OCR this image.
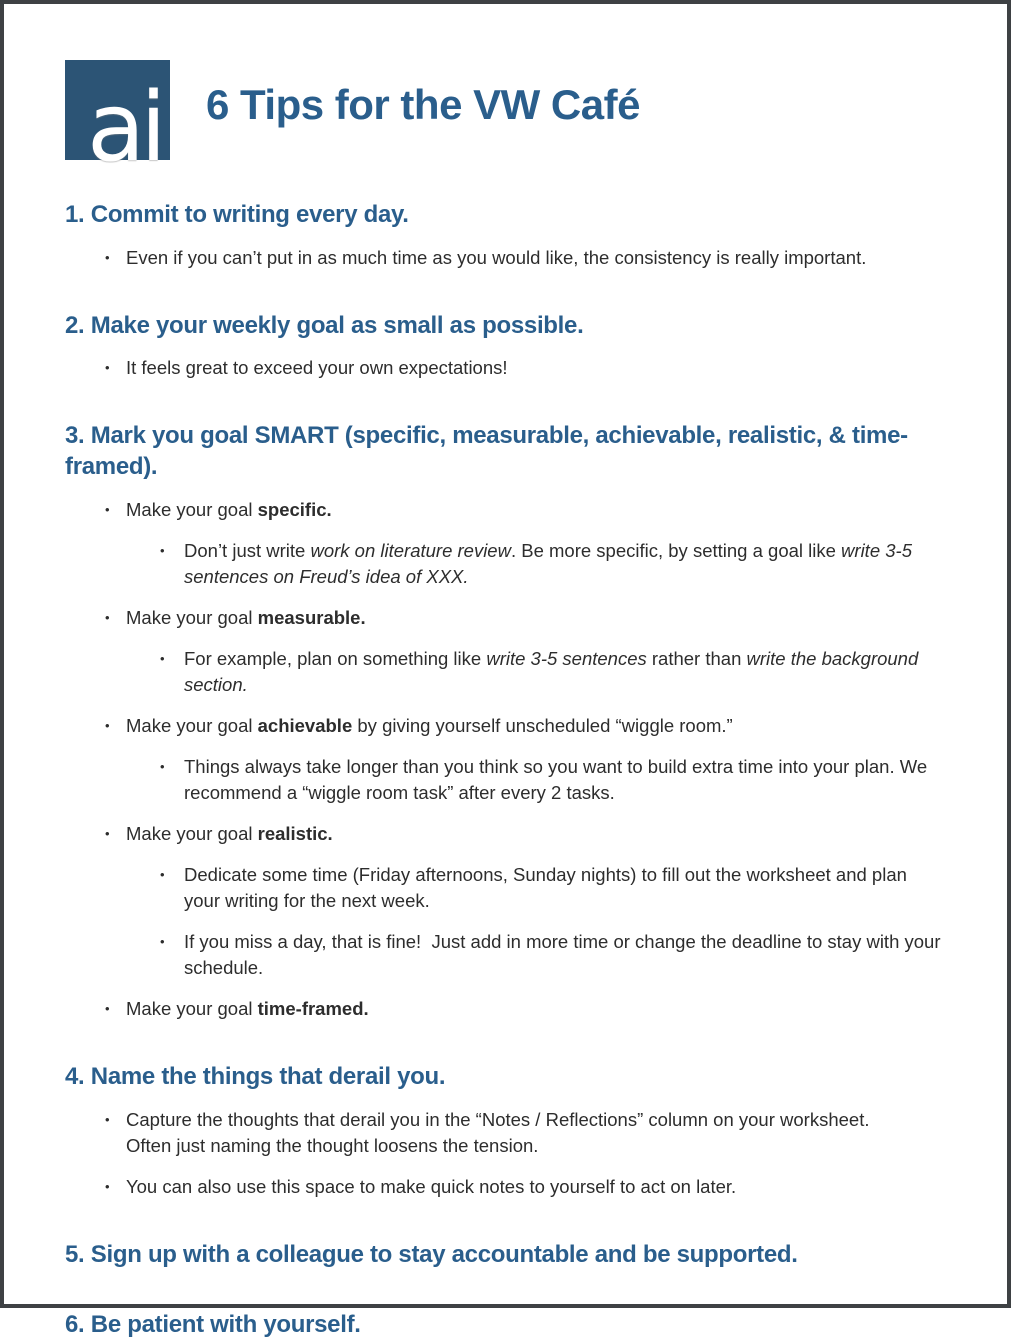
ai 6 Tips for the VW Café
1. Commit to writing every day.
• Even if you can’t put in as much time as you would like, the consistency is really important.
2. Make your weekly goal as small as possible.
• It feels great to exceed your own expectations!
3. Mark you goal SMART (specific, measurable, achievable, realistic, & time-framed).
• Make your goal specific.
•	Don’t just write work on literature review. Be more specific, by setting a goal like write 3-5 sentences on Freud’s idea of XXX.
• Make your goal measurable.
•	For example, plan on something like write 3-5 sentences rather than write the background section.
• Make your goal achievable by giving yourself unscheduled “wiggle room.”
•	Things always take longer than you think so you want to build extra time into your plan. We recommend a “wiggle room task” after every 2 tasks.
• Make your goal realistic.
•	Dedicate some time (Friday afternoons, Sunday nights) to fill out the worksheet and plan your writing for the next week.
•	If you miss a day, that is fine!  Just add in more time or change the deadline to stay with your schedule.
• Make your goal time-framed.
4. Name the things that derail you.
• Capture the thoughts that derail you in the “Notes / Reflections” column on your worksheet. Often just naming the thought loosens the tension.
• You can also use this space to make quick notes to yourself to act on later.
5. Sign up with a colleague to stay accountable and be supported.
6. Be patient with yourself.
